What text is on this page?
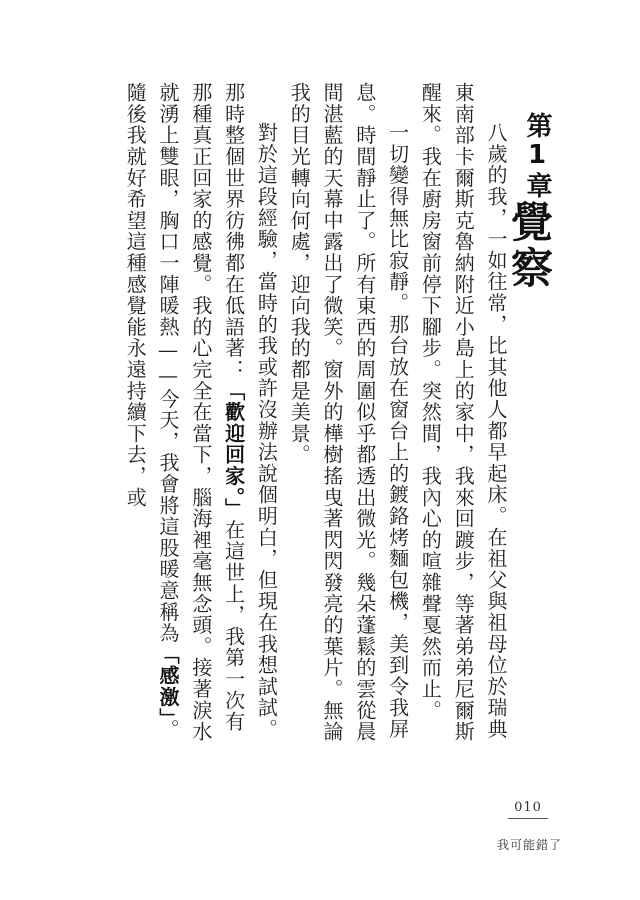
第1章
覺察

八歲的我，一如往常，比其他人都早起床。在祖父與祖母位於瑞典東南部卡爾斯克魯納附近小島上的家中，我來回踱步，等著弟弟尼爾斯醒來。我在廚房窗前停下腳步。突然間，我內心的喧雜聲戛然而止。

一切變得無比寂靜。那台放在窗台上的鍍鉻烤麵包機，美到令我屏息。時間靜止了。所有東西的周圍似乎都透出微光。幾朵蓬鬆的雲從晨間湛藍的天幕中露出了微笑。窗外的樺樹搖曳著閃閃發亮的葉片。無論我的目光轉向何處，迎向我的都是美景。

對於這段經驗，當時的我或許沒辦法說個明白，但現在我想試試。那時整個世界彷彿都在低語著：「歡迎回家。」在這世上，我第一次有那種真正回家的感覺。我的心完全在當下，腦海裡毫無念頭。接著淚水就湧上雙眼，胸口一陣暖熱——今天，我會將這股暖意稱為「感激」。隨後我就好希望這種感覺能永遠持續下去，或

010
我可能錯了
